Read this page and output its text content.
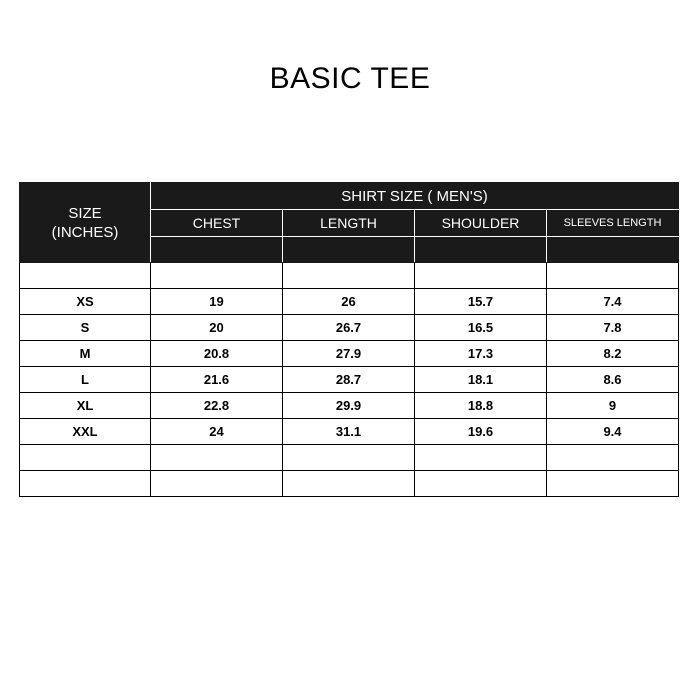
BASIC TEE
SIZE
(INCHES)	SHIRT SIZE ( MEN'S)			
	CHEST	LENGTH	SHOULDER	SLEEVES LENGTH

XS	19	26	15.7	7.4
S	20	26.7	16.5	7.8
M	20.8	27.9	17.3	8.2
L	21.6	28.7	18.1	8.6
XL	22.8	29.9	18.8	9
XXL	24	31.1	19.6	9.4
